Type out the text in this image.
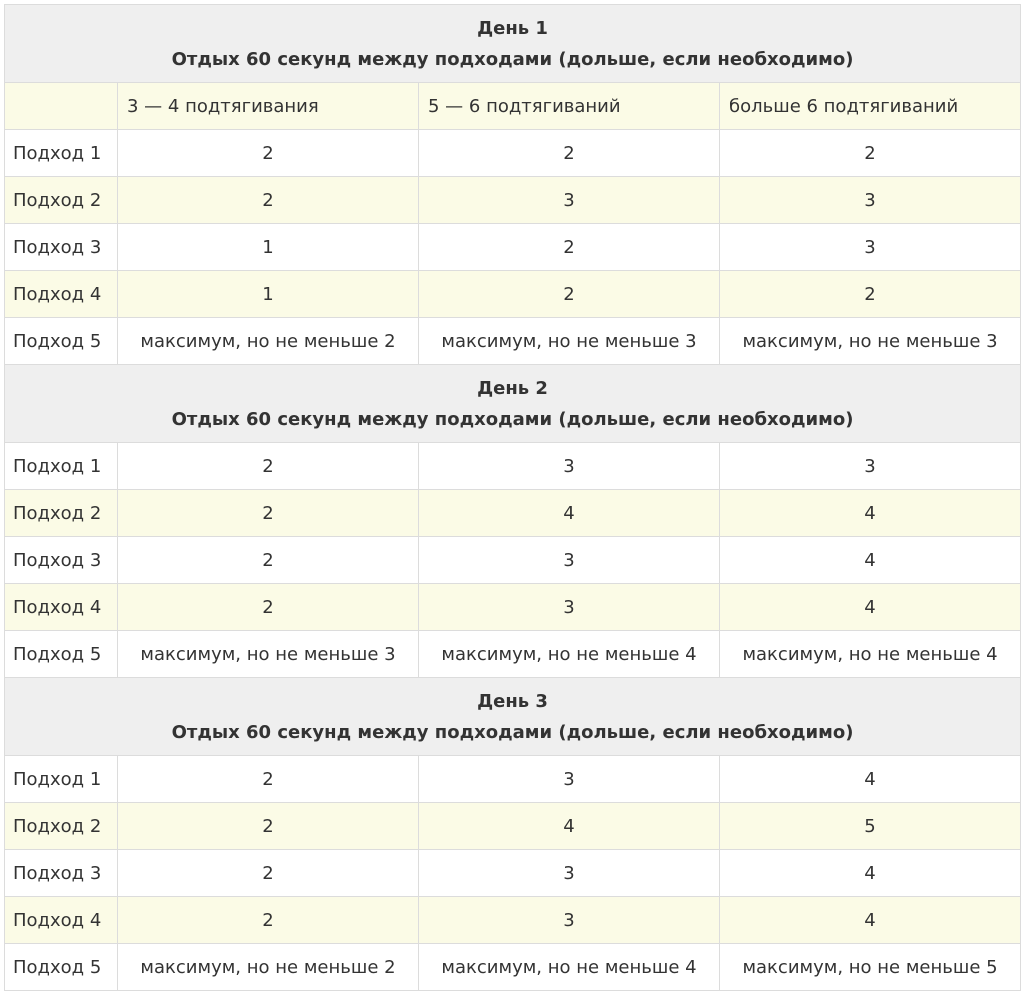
День 1
Отдых 60 секунд между подходами (дольше, если необходимо)			

	3 — 4 подтягивания	5 — 6 подтягиваний	больше 6 подтягиваний
Подход 1	2	2	2
Подход 2	2	3	3
Подход 3	1	2	3
Подход 4	1	2	2
Подход 5	максимум, но не меньше 2	максимум, но не меньше 3	максимум, но не меньше 3

День 2
Отдых 60 секунд между подходами (дольше, если необходимо)			

Подход 1	2	3	3
Подход 2	2	4	4
Подход 3	2	3	4
Подход 4	2	3	4
Подход 5	максимум, но не меньше 3	максимум, но не меньше 4	максимум, но не меньше 4

День 3
Отдых 60 секунд между подходами (дольше, если необходимо)			

Подход 1	2	3	4
Подход 2	2	4	5
Подход 3	2	3	4
Подход 4	2	3	4
Подход 5	максимум, но не меньше 2	максимум, но не меньше 4	максимум, но не меньше 5
